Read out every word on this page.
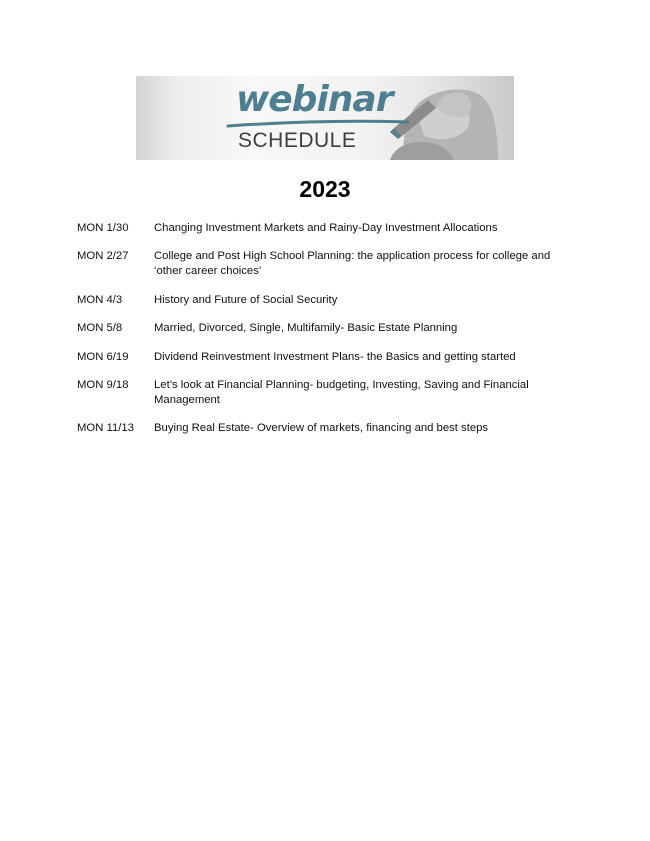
webinar
SCHEDULE
2023
MON 1/30	Changing Investment Markets and Rainy-Day Investment Allocations
MON 2/27	College and Post High School Planning: the application process for college and ‘other career choices’
MON 4/3	History and Future of Social Security
MON 5/8	Married, Divorced, Single, Multifamily- Basic Estate Planning
MON 6/19	Dividend Reinvestment Investment Plans- the Basics and getting started
MON 9/18	Let’s look at Financial Planning- budgeting, Investing, Saving and Financial Management
MON 11/13	Buying Real Estate- Overview of markets, financing and best steps
